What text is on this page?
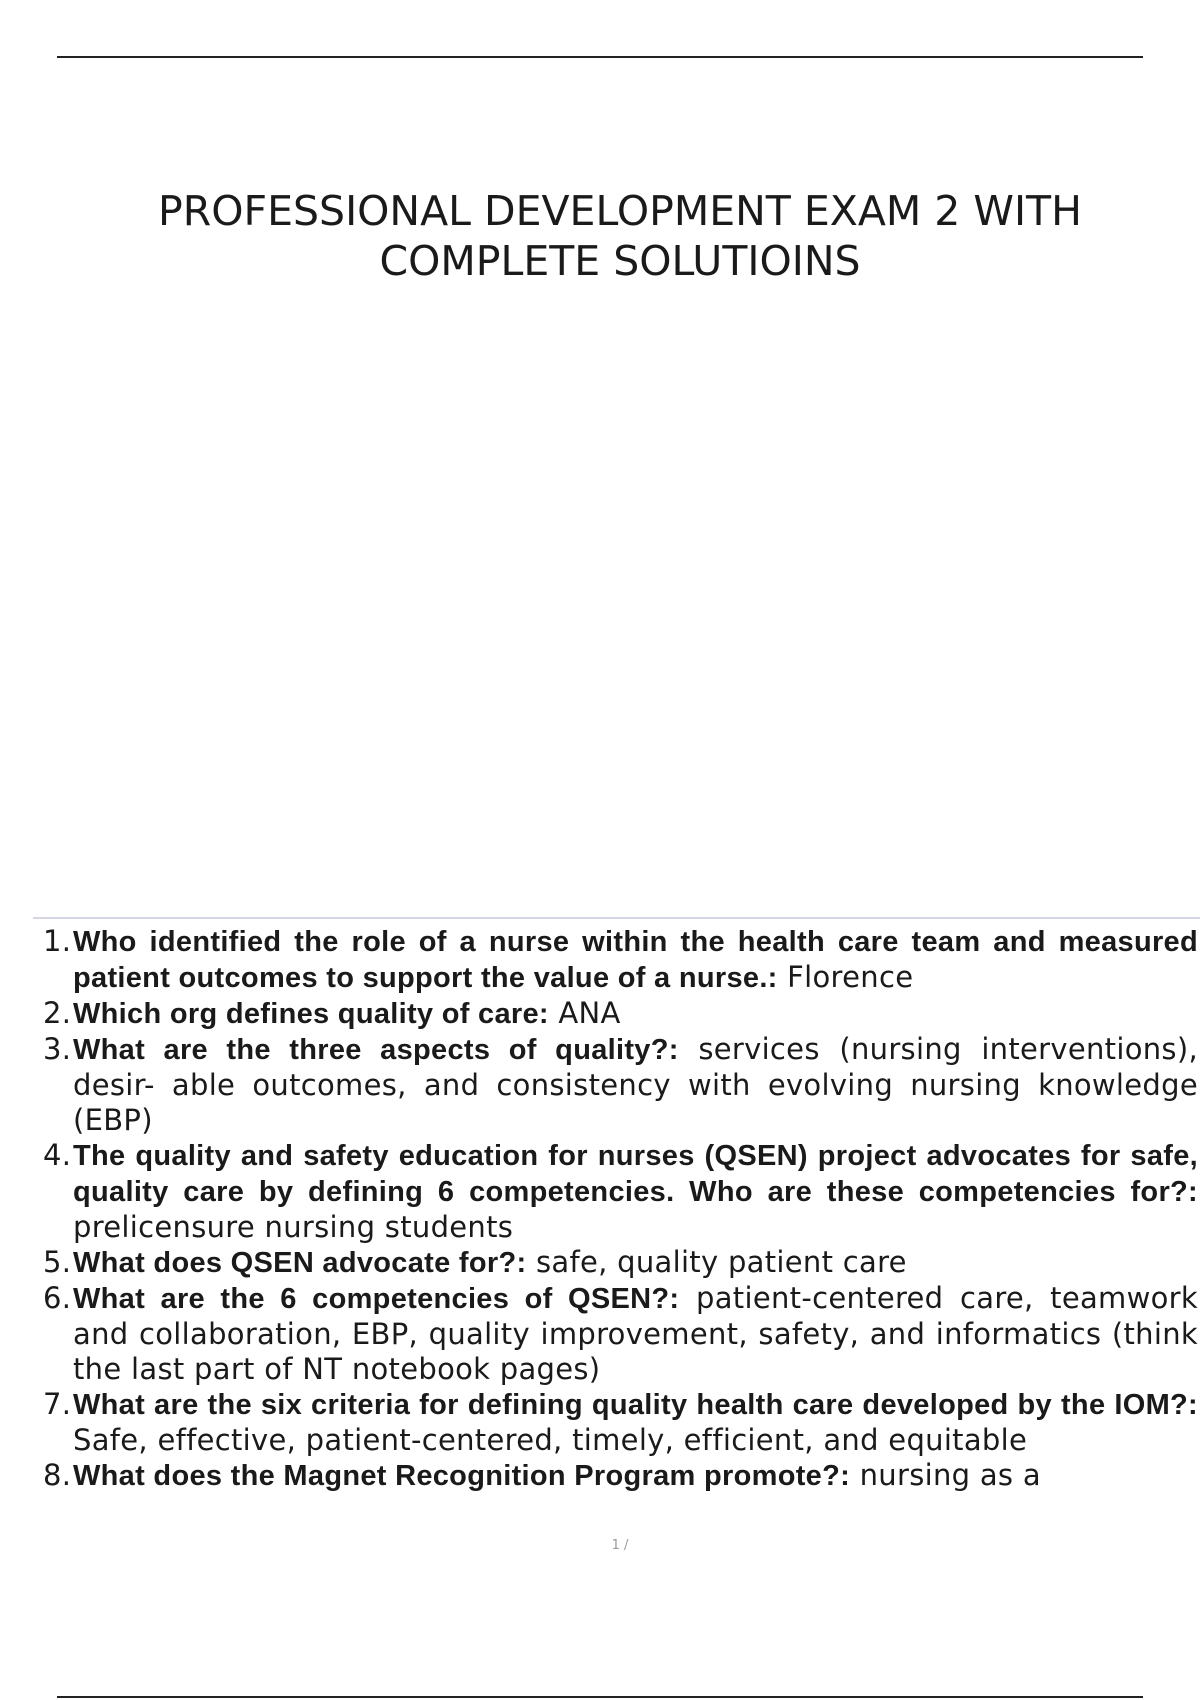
PROFESSIONAL DEVELOPMENT EXAM 2 WITH COMPLETE SOLUTIOINS
1.Who identified the role of a nurse within the health care team and measured patient outcomes to support the value of a nurse.: Florence
2.Which org defines quality of care: ANA
3.What are the three aspects of quality?: services (nursing interventions), desir- able outcomes, and consistency with evolving nursing knowledge (EBP)
4.The quality and safety education for nurses (QSEN) project advocates for safe, quality care by defining 6 competencies. Who are these competencies for?: prelicensure nursing students
5.What does QSEN advocate for?: safe, quality patient care
6.What are the 6 competencies of QSEN?: patient-centered care, teamwork and collaboration, EBP, quality improvement, safety, and informatics (think the last part of NT notebook pages)
7.What are the six criteria for defining quality health care developed by the IOM?: Safe, effective, patient-centered, timely, efficient, and equitable
8.What does the Magnet Recognition Program promote?: nursing as a
1 /
